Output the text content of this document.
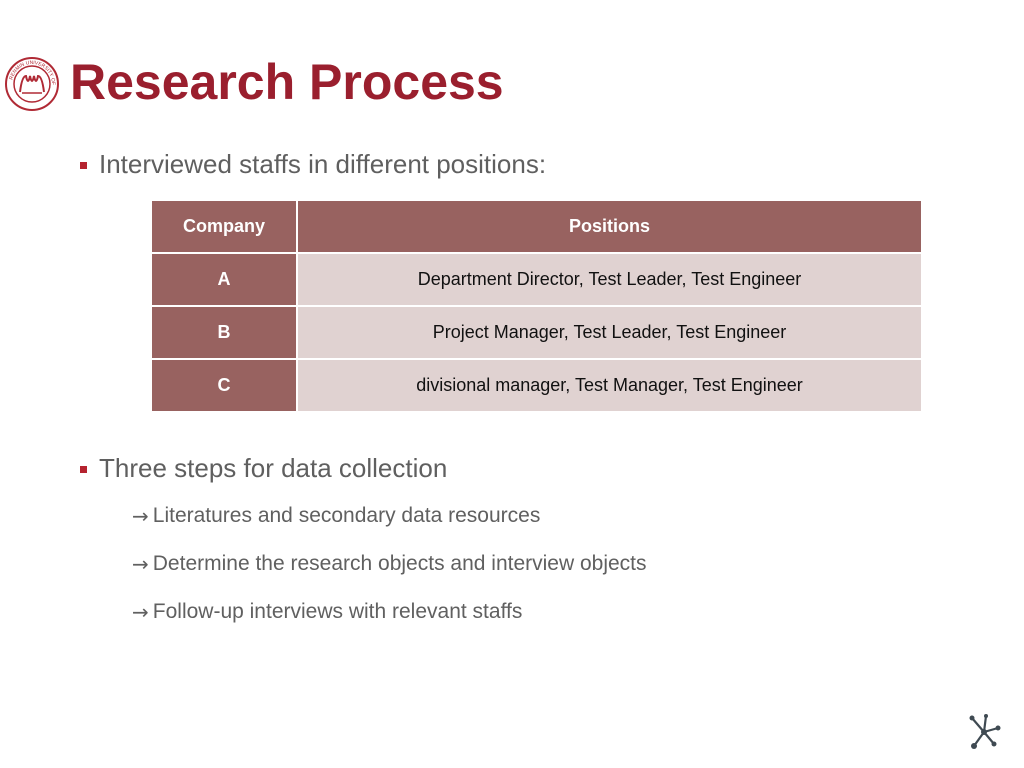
RENMIN UNIVERSITY OF Research Process
Interviewed staffs in different positions:
Company	Positions
A	Department Director, Test Leader, Test Engineer
B	Project Manager, Test Leader, Test Engineer
C	divisional manager, Test Manager, Test Engineer
Three steps for data collection
→ Literatures and secondary data resources
→ Determine the research objects and interview objects
→ Follow-up interviews with relevant staffs
